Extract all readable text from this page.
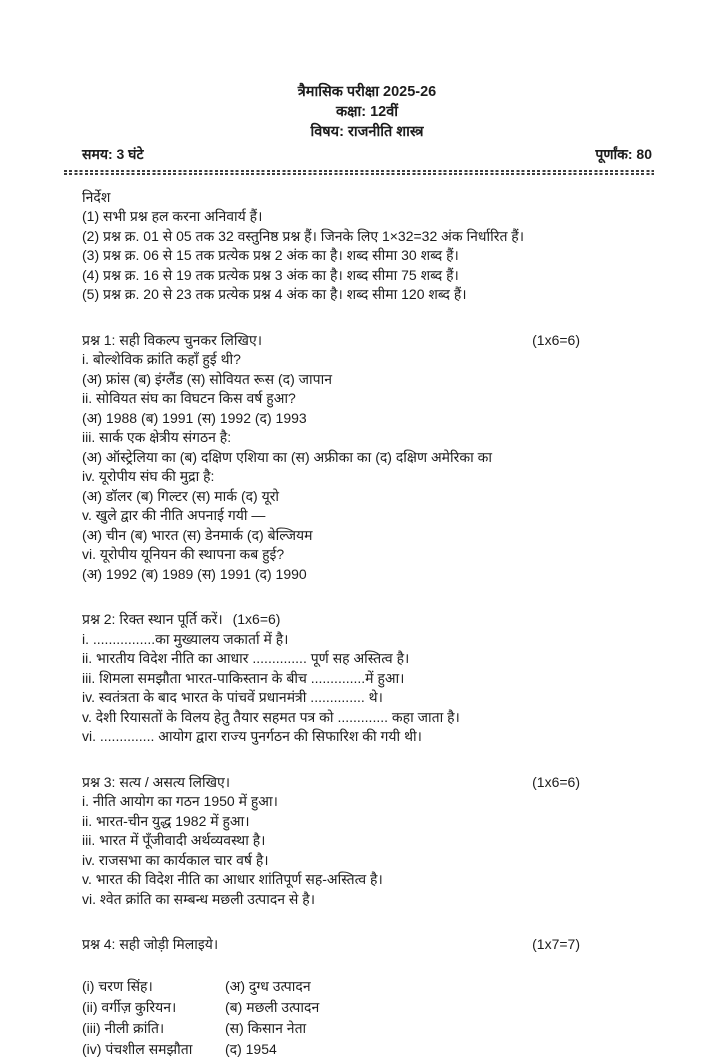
त्रैमासिक परीक्षा 2025-26
कक्षा: 12वीं
विषय: राजनीति शास्त्र
समय: 3 घंटे	पूर्णांक: 80
निर्देश
(1) सभी प्रश्न हल करना अनिवार्य हैं।
(2) प्रश्न क्र. 01 से 05 तक 32 वस्तुनिष्ठ प्रश्न हैं। जिनके लिए 1×32=32 अंक निर्धारित हैं।
(3) प्रश्न क्र. 06 से 15 तक प्रत्येक प्रश्न 2 अंक का है। शब्द सीमा 30 शब्द हैं।
(4) प्रश्न क्र. 16 से 19 तक प्रत्येक प्रश्न 3 अंक का है। शब्द सीमा 75 शब्द हैं।
(5) प्रश्न क्र. 20 से 23 तक प्रत्येक प्रश्न 4 अंक का है। शब्द सीमा 120 शब्द हैं।
प्रश्न 1: सही विकल्प चुनकर लिखिए।	(1x6=6)
i. बोल्शेविक क्रांति कहाँ हुई थी?
(अ) फ्रांस (ब) इंग्लैंड (स) सोवियत रूस (द) जापान
ii. सोवियत संघ का विघटन किस वर्ष हुआ?
(अ) 1988 (ब) 1991 (स) 1992 (द) 1993
iii. सार्क एक क्षेत्रीय संगठन है:
(अ) ऑस्ट्रेलिया का (ब) दक्षिण एशिया का (स) अफ्रीका का (द) दक्षिण अमेरिका का
iv. यूरोपीय संघ की मुद्रा है:
(अ) डॉलर (ब) गिल्टर (स) मार्क (द) यूरो
v. खुले द्वार की नीति अपनाई गयी —
(अ) चीन (ब) भारत (स) डेनमार्क (द) बेल्जियम
vi. यूरोपीय यूनियन की स्थापना कब हुई?
(अ) 1992 (ब) 1989 (स) 1991 (द) 1990
प्रश्न 2: रिक्त स्थान पूर्ति करें। (1x6=6)
i. ................का मुख्यालय जकार्ता में है।
ii. भारतीय विदेश नीति का आधार .............. पूर्ण सह अस्तित्व है।
iii. शिमला समझौता भारत-पाकिस्तान के बीच ..............में हुआ।
iv. स्वतंत्रता के बाद भारत के पांचवें प्रधानमंत्री .............. थे।
v. देशी रियासतों के विलय हेतु तैयार सहमत पत्र को ............. कहा जाता है।
vi. .............. आयोग द्वारा राज्य पुनर्गठन की सिफारिश की गयी थी।
प्रश्न 3: सत्य / असत्य लिखिए।	(1x6=6)
i. नीति आयोग का गठन 1950 में हुआ।
ii. भारत-चीन युद्ध 1982 में हुआ।
iii. भारत में पूँजीवादी अर्थव्यवस्था है।
iv. राजसभा का कार्यकाल चार वर्ष है।
v. भारत की विदेश नीति का आधार शांतिपूर्ण सह-अस्तित्व है।
vi. श्वेत क्रांति का सम्बन्ध मछली उत्पादन से है।
प्रश्न 4: सही जोड़ी मिलाइये।	(1x7=7)
(i) चरण सिंह।	(अ) दुग्ध उत्पादन
(ii) वर्गीज़ कुरियन।	(ब) मछली उत्पादन
(iii) नीली क्रांति।	(स) किसान नेता
(iv) पंचशील समझौता	(द) 1954
